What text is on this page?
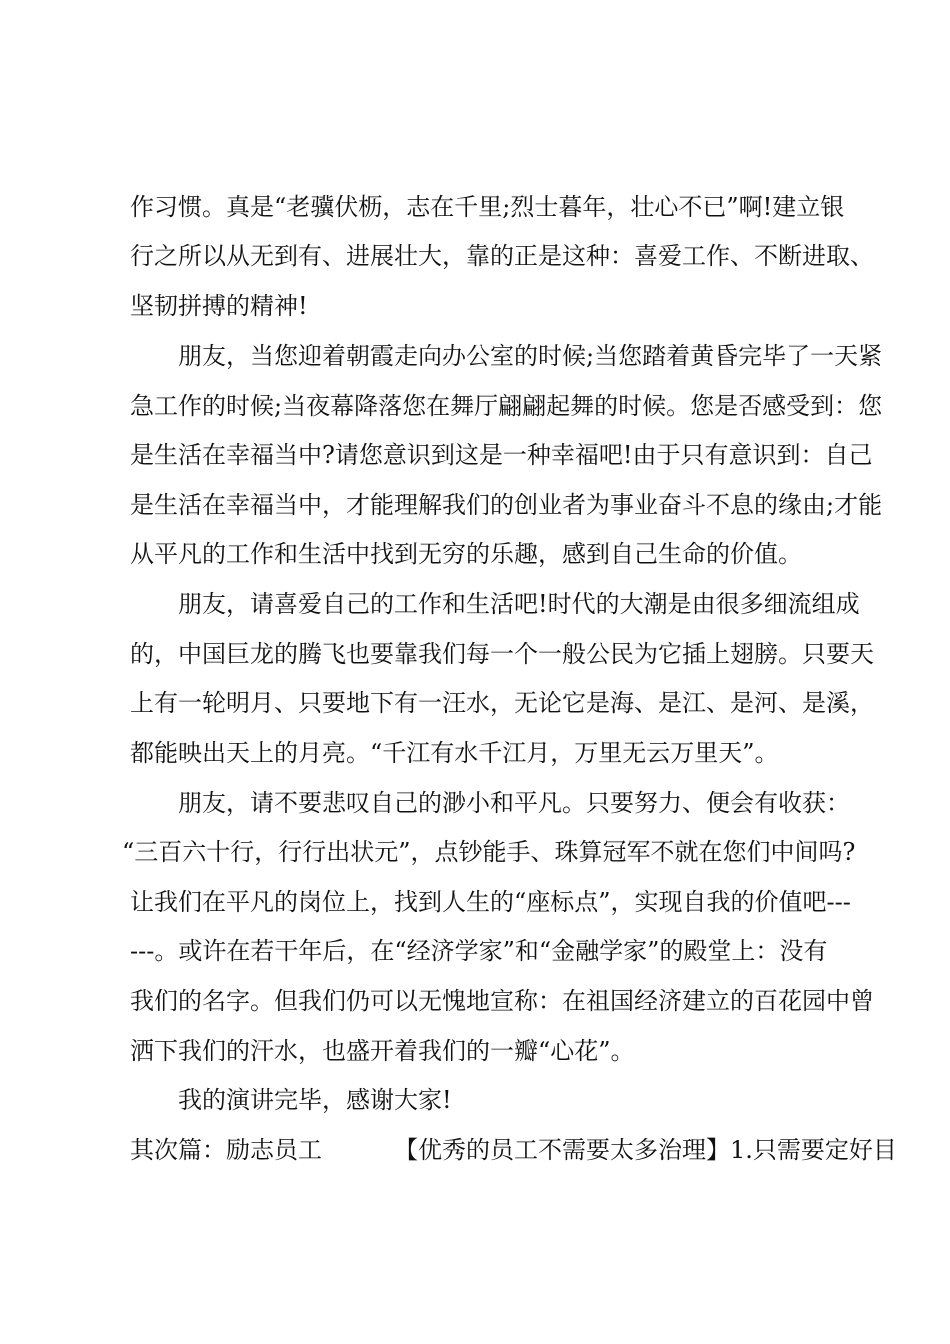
作习惯。真是“老骥伏枥，志在千里;烈士暮年，壮心不已”啊!建立银

行之所以从无到有、进展壮大，靠的正是这种：喜爱工作、不断进取、

坚韧拼搏的精神!

朋友，当您迎着朝霞走向办公室的时候;当您踏着黄昏完毕了一天紧

急工作的时候;当夜幕降落您在舞厅翩翩起舞的时候。您是否感受到：您

是生活在幸福当中?请您意识到这是一种幸福吧!由于只有意识到：自己

是生活在幸福当中，才能理解我们的创业者为事业奋斗不息的缘由;才能

从平凡的工作和生活中找到无穷的乐趣，感到自己生命的价值。

朋友，请喜爱自己的工作和生活吧!时代的大潮是由很多细流组成

的，中国巨龙的腾飞也要靠我们每一个一般公民为它插上翅膀。只要天

上有一轮明月、只要地下有一汪水，无论它是海、是江、是河、是溪，

都能映出天上的月亮。“千江有水千江月，万里无云万里天”。

朋友，请不要悲叹自己的渺小和平凡。只要努力、便会有收获：

“三百六十行，行行出状元”，点钞能手、珠算冠军不就在您们中间吗?

让我们在平凡的岗位上，找到人生的“座标点”，实现自我的价值吧---

---。或许在若干年后，在“经济学家”和“金融学家”的殿堂上：没有

我们的名字。但我们仍可以无愧地宣称：在祖国经济建立的百花园中曾

洒下我们的汗水，也盛开着我们的一瓣“心花”。

我的演讲完毕，感谢大家!

其次篇：励志员工	【优秀的员工不需要太多治理】1.只需要定好目
